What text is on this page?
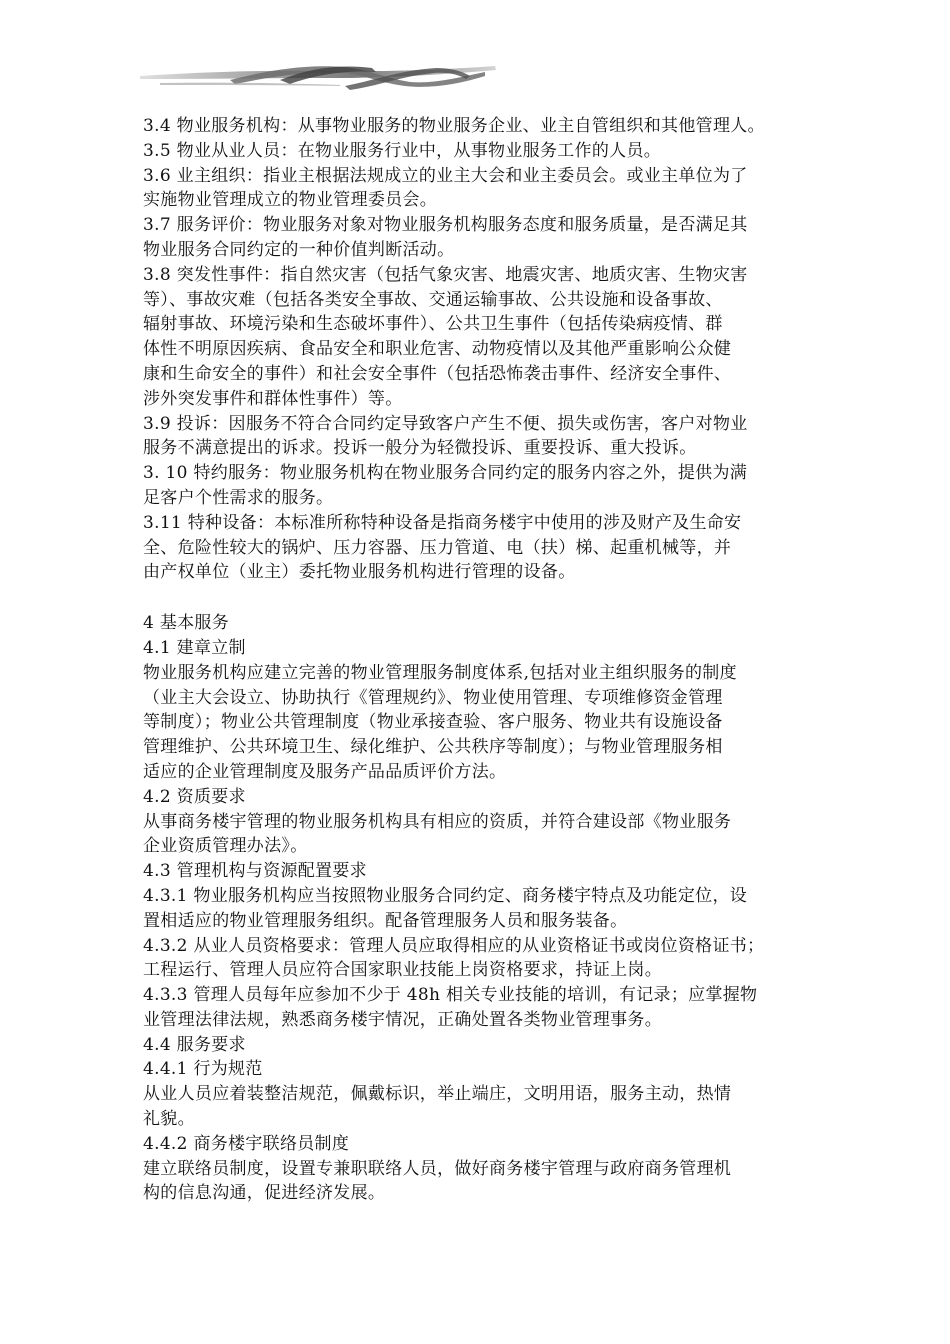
3.4 物业服务机构：从事物业服务的物业服务企业、业主自管组织和其他管理人。

3.5 物业从业人员：在物业服务行业中，从事物业服务工作的人员。

3.6 业主组织：指业主根据法规成立的业主大会和业主委员会。或业主单位为了
实施物业管理成立的物业管理委员会。

3.7 服务评价：物业服务对象对物业服务机构服务态度和服务质量，是否满足其
物业服务合同约定的一种价值判断活动。

3.8 突发性事件：指自然灾害（包括气象灾害、地震灾害、地质灾害、生物灾害
等）、事故灾难（包括各类安全事故、交通运输事故、公共设施和设备事故、
辐射事故、环境污染和生态破坏事件）、公共卫生事件（包括传染病疫情、群
体性不明原因疾病、食品安全和职业危害、动物疫情以及其他严重影响公众健
康和生命安全的事件）和社会安全事件（包括恐怖袭击事件、经济安全事件、
涉外突发事件和群体性事件）等。

3.9 投诉：因服务不符合合同约定导致客户产生不便、损失或伤害，客户对物业
服务不满意提出的诉求。投诉一般分为轻微投诉、重要投诉、重大投诉。

3. 10 特约服务：物业服务机构在物业服务合同约定的服务内容之外，提供为满
足客户个性需求的服务。

3.11 特种设备：本标准所称特种设备是指商务楼宇中使用的涉及财产及生命安
全、危险性较大的锅炉、压力容器、压力管道、电（扶）梯、起重机械等，并
由产权单位（业主）委托物业服务机构进行管理的设备。

4 基本服务

4.1 建章立制

物业服务机构应建立完善的物业管理服务制度体系,包括对业主组织服务的制度
（业主大会设立、协助执行《管理规约》、物业使用管理、专项维修资金管理
等制度）；物业公共管理制度（物业承接查验、客户服务、物业共有设施设备
管理维护、公共环境卫生、绿化维护、公共秩序等制度）；与物业管理服务相
适应的企业管理制度及服务产品品质评价方法。

4.2 资质要求

从事商务楼宇管理的物业服务机构具有相应的资质，并符合建设部《物业服务
企业资质管理办法》。

4.3 管理机构与资源配置要求

4.3.1 物业服务机构应当按照物业服务合同约定、商务楼宇特点及功能定位，设
置相适应的物业管理服务组织。配备管理服务人员和服务装备。

4.3.2 从业人员资格要求：管理人员应取得相应的从业资格证书或岗位资格证书；
工程运行、管理人员应符合国家职业技能上岗资格要求，持证上岗。

4.3.3 管理人员每年应参加不少于 48h 相关专业技能的培训，有记录；应掌握物
业管理法律法规，熟悉商务楼宇情况，正确处置各类物业管理事务。

4.4 服务要求

4.4.1 行为规范

从业人员应着装整洁规范，佩戴标识，举止端庄，文明用语，服务主动，热情
礼貌。

4.4.2 商务楼宇联络员制度

建立联络员制度，设置专兼职联络人员，做好商务楼宇管理与政府商务管理机
构的信息沟通，促进经济发展。
